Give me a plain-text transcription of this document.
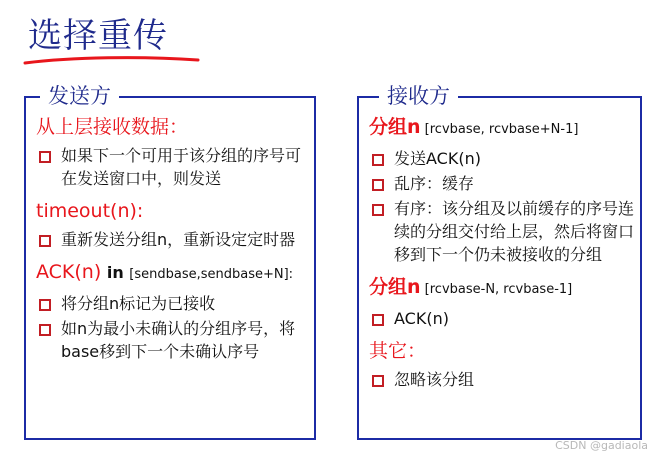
选择重传
发送方
从上层接收数据：
如果下一个可用于该分组的序号可在发送窗口中，则发送
timeout(n):
重新发送分组n，重新设定定时器
ACK(n) in [sendbase,sendbase+N]:
将分组n标记为已接收
如n为最小未确认的分组序号，将base移到下一个未确认序号
接收方
分组n [rcvbase, rcvbase+N-1]
发送ACK(n)
乱序：缓存
有序：该分组及以前缓存的序号连续的分组交付给上层，然后将窗口移到下一个仍未被接收的分组
分组n [rcvbase-N, rcvbase-1]
ACK(n)
其它：
忽略该分组
CSDN @gadiaola
